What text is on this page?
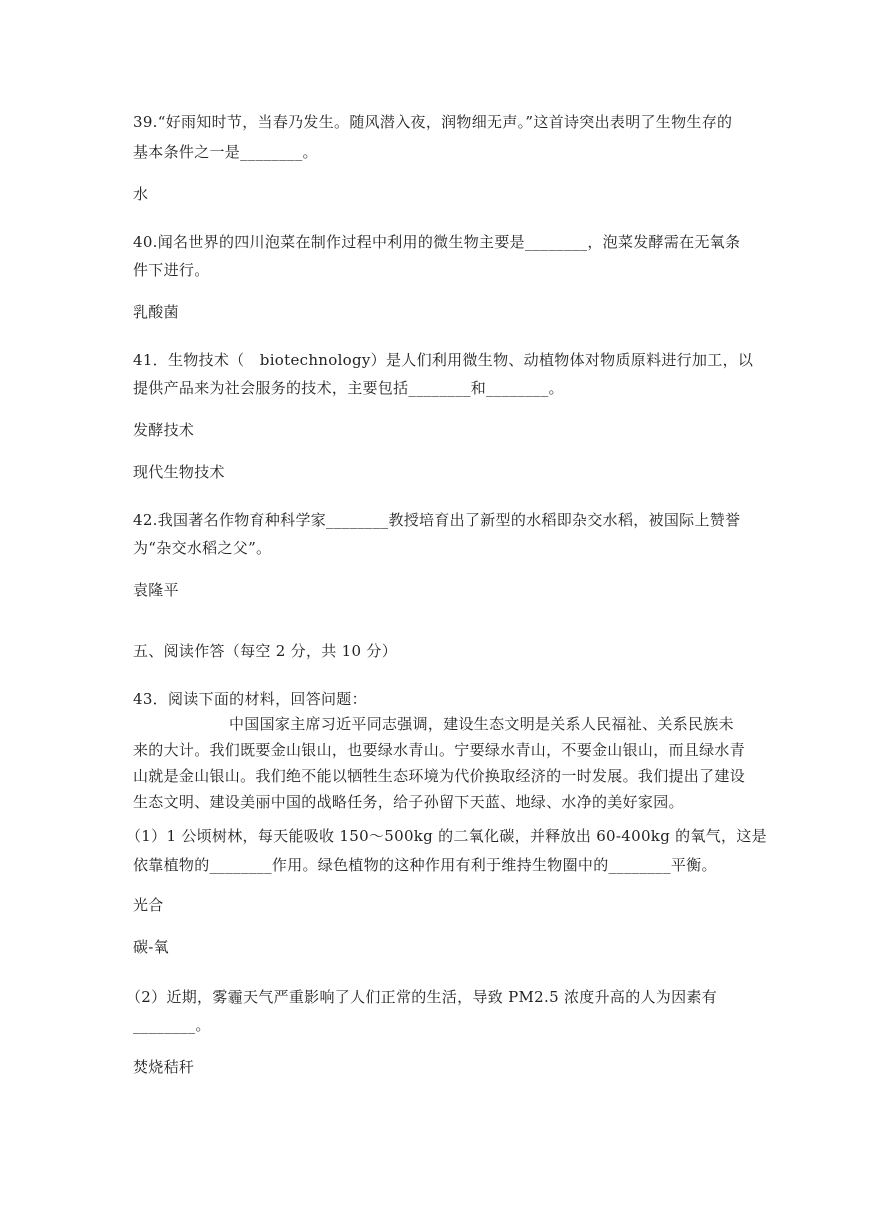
39.“好雨知时节，当春乃发生。随风潜入夜，润物细无声。”这首诗突出表明了生物生存的
基本条件之一是________。
水
40.闻名世界的四川泡菜在制作过程中利用的微生物主要是________，泡菜发酵需在无氧条
件下进行。
乳酸菌
41．生物技术（　biotechnology）是人们利用微生物、动植物体对物质原料进行加工，以
提供产品来为社会服务的技术，主要包括________和________。
发酵技术
现代生物技术
42.我国著名作物育种科学家________教授培育出了新型的水稻即杂交水稻，被国际上赞誉
为“杂交水稻之父”。
袁隆平
五、阅读作答（每空 2 分，共 10 分）
43．阅读下面的材料，回答问题：
中国国家主席习近平同志强调，建设生态文明是关系人民福祉、关系民族未
来的大计。我们既要金山银山，也要绿水青山。宁要绿水青山，不要金山银山，而且绿水青
山就是金山银山。我们绝不能以牺牲生态环境为代价换取经济的一时发展。我们提出了建设
生态文明、建设美丽中国的战略任务，给子孙留下天蓝、地绿、水净的美好家园。
（1）1 公顷树林，每天能吸收 150～500kg 的二氧化碳，并释放出 60-400kg 的氧气，这是
依靠植物的________作用。绿色植物的这种作用有利于维持生物圈中的________平衡。
光合
碳-氧
（2）近期，雾霾天气严重影响了人们正常的生活，导致 PM2.5 浓度升高的人为因素有
________。
焚烧秸秆
